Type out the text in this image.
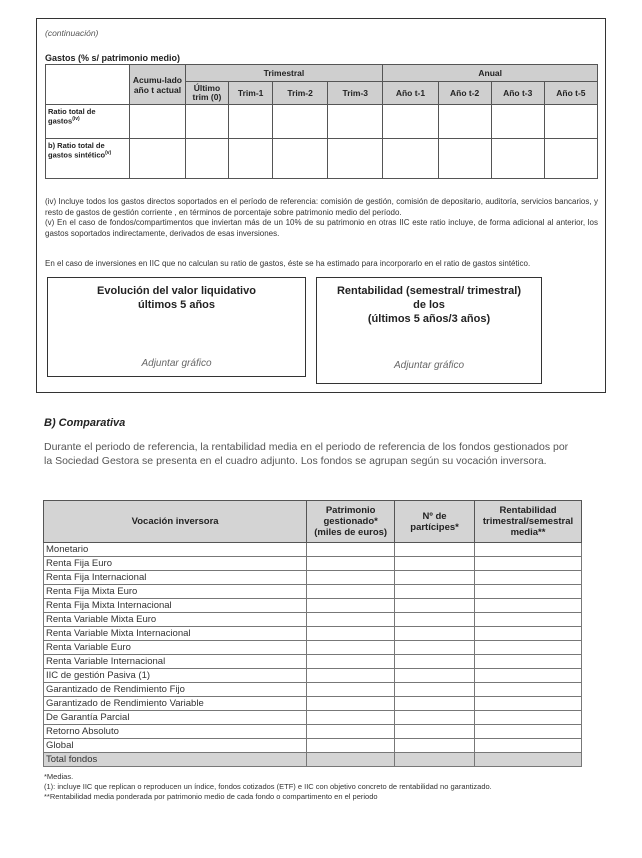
(continuación)
Gastos (% s/ patrimonio medio)
	Acumu-lado año t actual	Trimestral				Anual			
		Último trim (0)	Trim-1	Trim-2	Trim-3	Año t-1	Año t-2	Año t-3	Año t-5
Ratio total de gastos$^{(iv)}$									
b) Ratio total de gastos sintético$^{(v)}$									

(iv) Incluye todos los gastos directos soportados en el período de referencia: comisión de gestión, comisión de depositario, auditoría, servicios bancarios, y resto de gastos de gestión corriente , en términos de porcentaje sobre patrimonio medio del período.

(v) En el caso de fondos/compartimentos que inviertan más de un 10% de su patrimonio en otras IIC este ratio incluye, de forma adicional al anterior, los gastos soportados indirectamente, derivados de esas inversiones.

En el caso de inversiones en IIC que no calculan su ratio de gastos, éste se ha estimado para incorporarlo en el ratio de gastos sintético.
Evolución del valor liquidativo
últimos 5 años
Adjuntar gráfico
Rentabilidad (semestral/ trimestral)
de los
(últimos 5 años/3 años)
Adjuntar gráfico
B) Comparativa
Durante el periodo de referencia, la rentabilidad media en el periodo de referencia de los fondos gestionados por la Sociedad Gestora se presenta en el cuadro adjunto. Los fondos se agrupan según su vocación inversora.
Vocación inversora	Patrimonio gestionado* (miles de euros)	Nº de partícipes*	Rentabilidad trimestral/semestral media**
Monetario			
Renta Fija Euro			
Renta Fija Internacional			
Renta Fija Mixta Euro			
Renta Fija Mixta Internacional			
Renta Variable Mixta Euro			
Renta Variable Mixta Internacional			
Renta Variable Euro			
Renta Variable Internacional			
IIC de gestión Pasiva (1)			
Garantizado de Rendimiento Fijo			
Garantizado de Rendimiento Variable			
De Garantía Parcial			
Retorno Absoluto			
Global			
Total fondos			

*Medias.

(1): incluye IIC que replican o reproducen un índice, fondos cotizados (ETF) e IIC con objetivo concreto de rentabilidad no garantizado.

**Rentabilidad media ponderada por patrimonio medio de cada fondo o compartimento en el periodo
